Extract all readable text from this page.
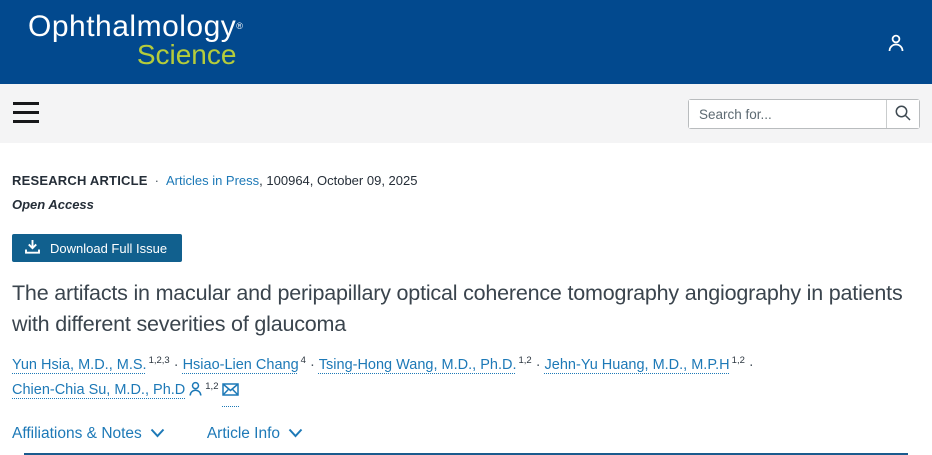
Ophthalmology®
Science
Search for...
RESEARCH ARTICLE · Articles in Press, 100964, October 09, 2025
Open Access
Download Full Issue
The artifacts in macular and peripapillary optical coherence tomography angiography in patients with different severities of glaucoma
Yun Hsia, M.D., M.S. $^{1,2,3}$ · Hsiao-Lien Chang $^4$ · Tsing-Hong Wang, M.D., Ph.D. $^{1,2}$ · Jehn-Yu Huang, M.D., M.P.H $^{1,2}$ ·
Chien-Chia Su, M.D., Ph.D $^{1,2}$
Affiliations & Notes	Article Info
